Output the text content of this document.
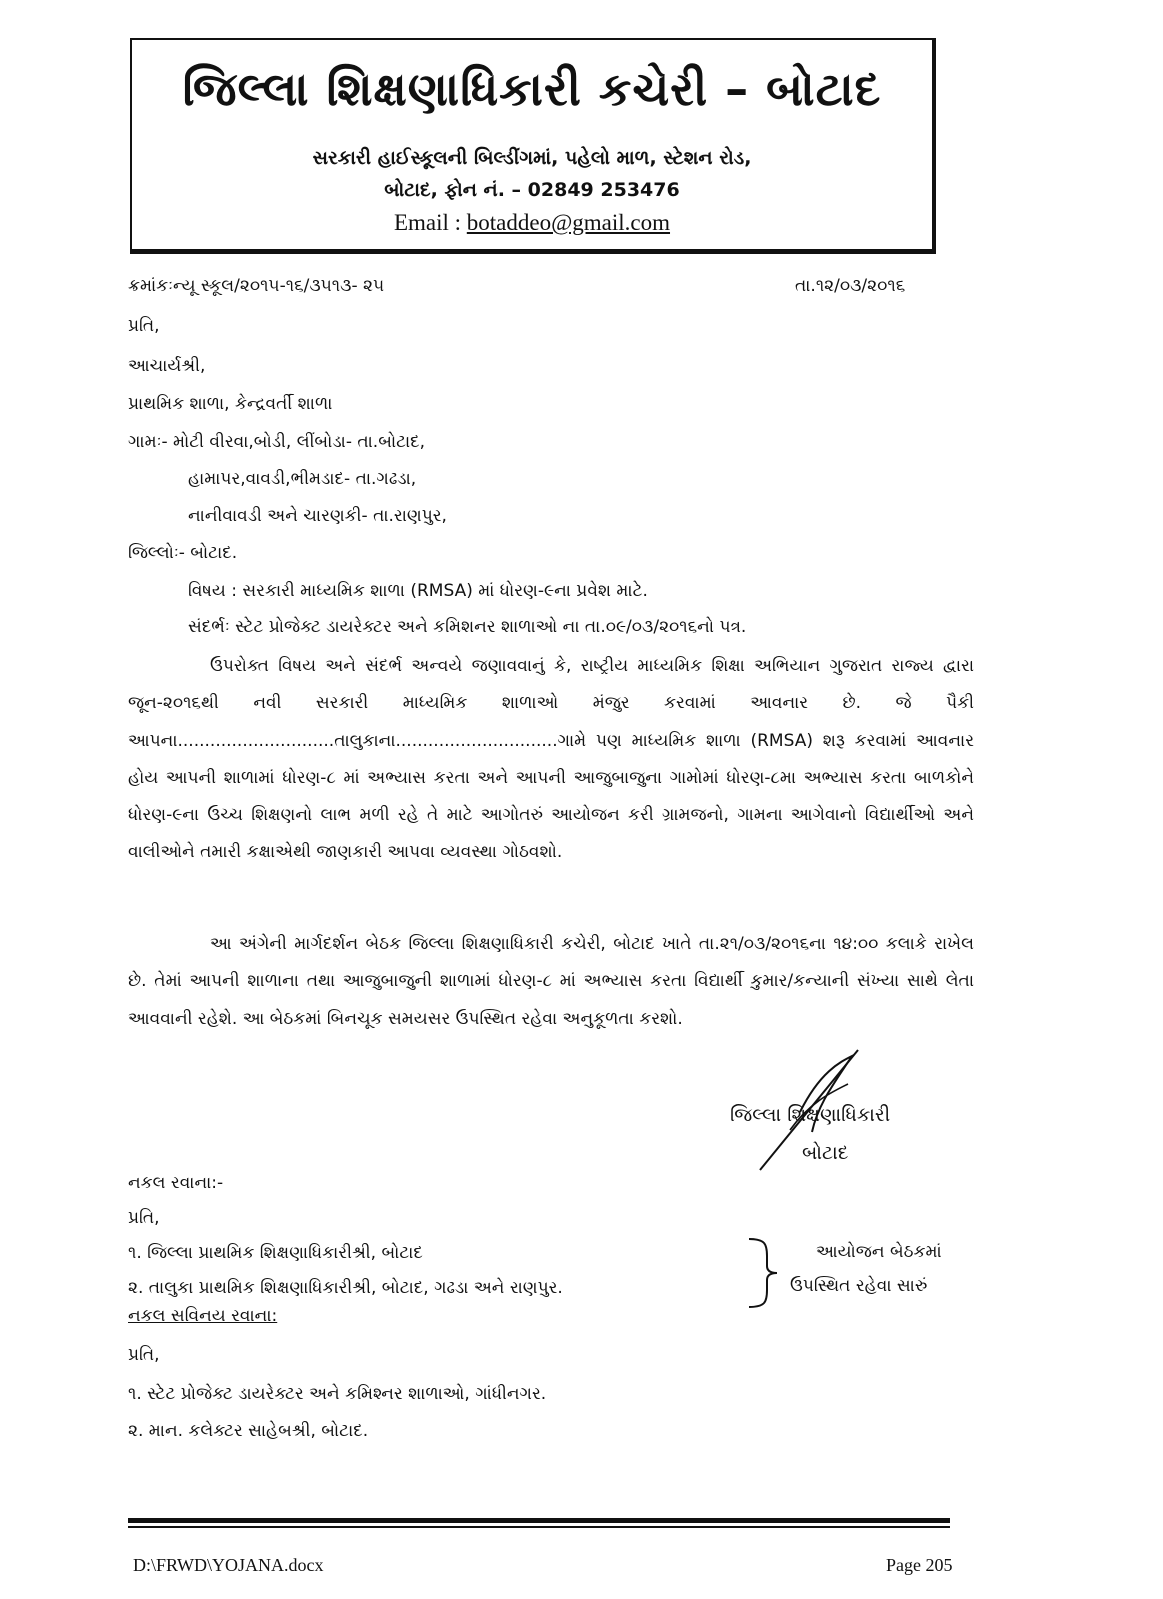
જિલ્લા શિક્ષણાધિકારી કચેરી – બોટાદ
સરકારી હાઈસ્કૂલની બિલ્ડીંગમાં, પહેલો માળ, સ્ટેશન રોડ,
બોટાદ, ફોન નં. – 02849 253476
Email : botaddeo@gmail.com
ક્રમાંકઃન્યૂ સ્કૂલ/૨૦૧૫-૧૬/૩૫૧૩- ૨૫	તા.૧૨/૦૩/૨૦૧૬
પ્રતિ,
આચાર્યશ્રી,
પ્રાથમિક શાળા, કેન્દ્રવર્તી શાળા
ગામઃ- મોટી વીરવા,બોડી, લીંબોડા- તા.બોટાદ,
હામાપર,વાવડી,ભીમડાદ- તા.ગઢડા,
નાનીવાવડી અને ચારણકી- તા.રાણપુર,
જિલ્લોઃ- બોટાદ.
વિષય : સરકારી માધ્યમિક શાળા (RMSA) માં ધોરણ-૯ના પ્રવેશ માટે.
સંદર્ભઃ સ્ટેટ પ્રોજેક્ટ ડાયરેક્ટર અને કમિશનર શાળાઓ ના તા.૦૯/૦૩/૨૦૧૬નો પત્ર.
ઉપરોક્ત વિષય અને સંદર્ભ અન્વયે જણાવવાનું કે, રાષ્ટ્રીય માધ્યમિક શિક્ષા અભિયાન ગુજરાત રાજ્ય દ્વારા જૂન-૨૦૧૬થી નવી સરકારી માધ્યમિક શાળાઓ મંજુર કરવામાં આવનાર છે. જે પૈકી આપના.............................તાલુકાના..............................ગામે પણ માધ્યમિક શાળા (RMSA) શરૂ કરવામાં આવનાર હોય આપની શાળામાં ધોરણ-૮ માં અભ્યાસ કરતા અને આપની આજુબાજુના ગામોમાં ધોરણ-૮મા અભ્યાસ કરતા બાળકોને ધોરણ-૯ના ઉચ્ચ શિક્ષણનો લાભ મળી રહે તે માટે આગોતરું આયોજન કરી ગ્રામજનો, ગામના આગેવાનો વિદ્યાર્થીઓ અને વાલીઓને તમારી કક્ષાએથી જાણકારી આપવા વ્યવસ્થા ગોઠવશો.
આ અંગેની માર્ગદર્શન બેઠક જિલ્લા શિક્ષણાધિકારી કચેરી, બોટાદ ખાતે તા.૨૧/૦૩/૨૦૧૬ના ૧૪:૦૦ કલાકે રાખેલ છે. તેમાં આપની શાળાના તથા આજુબાજુની શાળામાં ધોરણ-૮ માં અભ્યાસ કરતા વિદ્યાર્થી કુમાર/કન્યાની સંખ્યા સાથે લેતા આવવાની રહેશે. આ બેઠકમાં બિનચૂક સમયસર ઉપસ્થિત રહેવા અનુકૂળતા કરશો.
જિલ્લા શિક્ષણાધિકારી
બોટાદ
નકલ રવાના:-
પ્રતિ,
૧. જિલ્લા પ્રાથમિક શિક્ષણાધિકારીશ્રી, બોટાદ
૨. તાલુકા પ્રાથમિક શિક્ષણાધિકારીશ્રી, બોટાદ, ગઢડા અને રાણપુર.
આયોજન બેઠકમાં
ઉપસ્થિત રહેવા સારું
નકલ સવિનય રવાના:
પ્રતિ,
૧. સ્ટેટ પ્રોજેક્ટ ડાયરેક્ટર અને કમિશ્નર શાળાઓ, ગાંધીનગર.
૨. માન. કલેક્ટર સાહેબશ્રી, બોટાદ.
D:\FRWD\YOJANA.docx	Page 205
